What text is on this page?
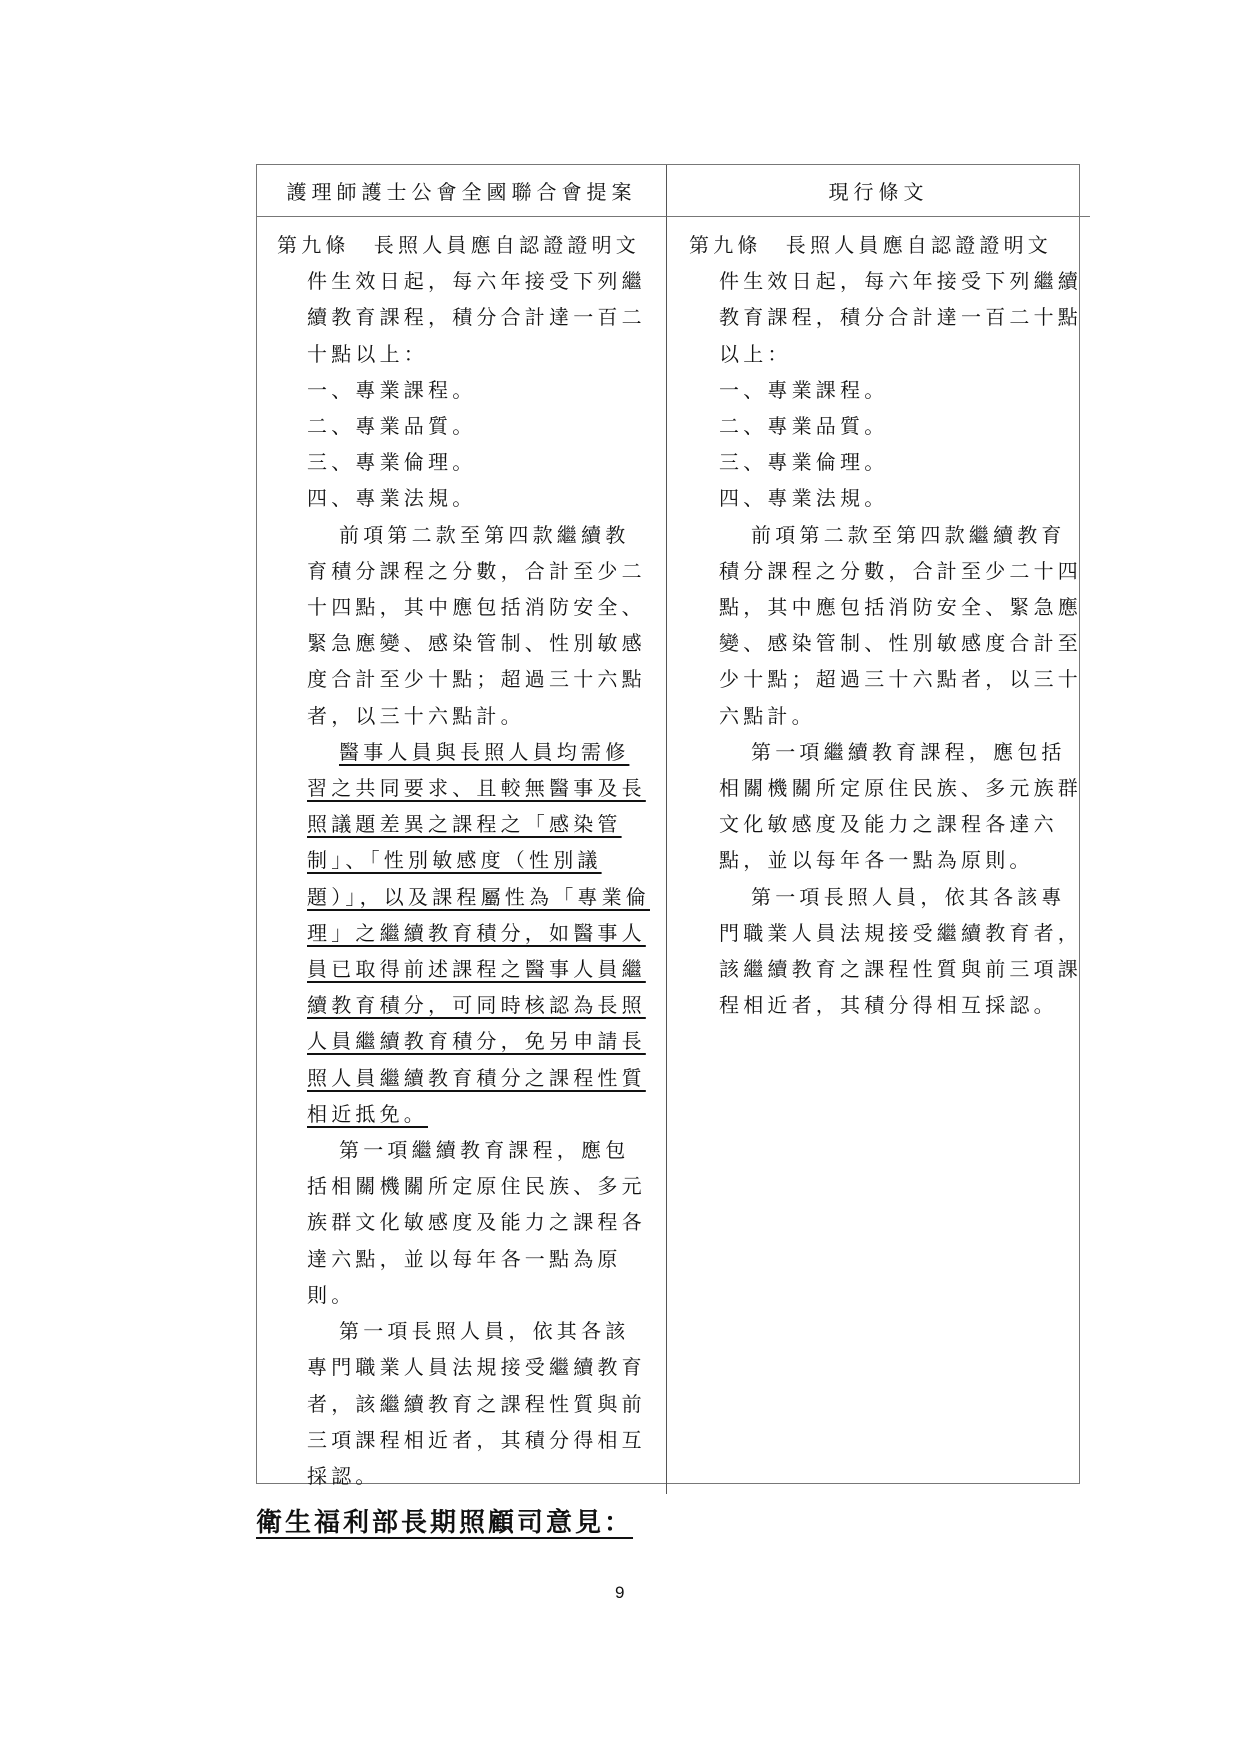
護理師護士公會全國聯合會提案	現行條文
第九條　長照人員應自認證證明文
件生效日起，每六年接受下列繼
續教育課程，積分合計達一百二
十點以上：
一、專業課程。
二、專業品質。
三、專業倫理。
四、專業法規。
前項第二款至第四款繼續教
育積分課程之分數，合計至少二
十四點，其中應包括消防安全、
緊急應變、感染管制、性別敏感
度合計至少十點；超過三十六點
者，以三十六點計。
醫事人員與長照人員均需修
習之共同要求、且較無醫事及長
照議題差異之課程之「感染管
制」、「性別敏感度（性別議
題）」，以及課程屬性為「專業倫
理」之繼續教育積分，如醫事人
員已取得前述課程之醫事人員繼
續教育積分，可同時核認為長照
人員繼續教育積分，免另申請長
照人員繼續教育積分之課程性質
相近抵免。
第一項繼續教育課程，應包
括相關機關所定原住民族、多元
族群文化敏感度及能力之課程各
達六點，並以每年各一點為原
則。
第一項長照人員，依其各該
專門職業人員法規接受繼續教育
者，該繼續教育之課程性質與前
三項課程相近者，其積分得相互
採認。
第九條　長照人員應自認證證明文
件生效日起，每六年接受下列繼續
教育課程，積分合計達一百二十點
以上：
一、專業課程。
二、專業品質。
三、專業倫理。
四、專業法規。
前項第二款至第四款繼續教育
積分課程之分數，合計至少二十四
點，其中應包括消防安全、緊急應
變、感染管制、性別敏感度合計至
少十點；超過三十六點者，以三十
六點計。
第一項繼續教育課程，應包括
相關機關所定原住民族、多元族群
文化敏感度及能力之課程各達六
點，並以每年各一點為原則。
第一項長照人員，依其各該專
門職業人員法規接受繼續教育者，
該繼續教育之課程性質與前三項課
程相近者，其積分得相互採認。
衛生福利部長期照顧司意見：
9
